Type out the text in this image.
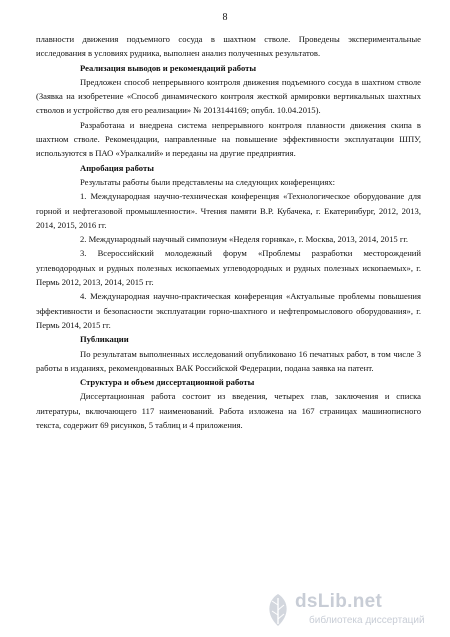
8

плавности движения подъемного сосуда в шахтном стволе. Проведены экспериментальные исследования в условиях рудника, выполнен анализ полученных результатов.

Реализация выводов и рекомендаций работы

Предложен способ непрерывного контроля движения подъемного сосуда в шахтном стволе (Заявка на изобретение «Способ динамического контроля жесткой армировки вертикальных шахтных стволов и устройство для его реализации» № 2013144169; опубл. 10.04.2015).

Разработана и внедрена система непрерывного контроля плавности движения скипа в шахтном стволе. Рекомендации, направленные на повышение эффективности эксплуатации ШПУ, используются в ПАО «Уралкалий» и переданы на другие предприятия.

Апробация работы

Результаты работы были представлены на следующих конференциях:

1. Международная научно-техническая конференция «Технологическое оборудование для горной и нефтегазовой промышленности». Чтения памяти В.Р. Кубачека, г. Екатеринбург, 2012, 2013, 2014, 2015, 2016 гг.

2. Международный научный симпозиум «Неделя горняка», г. Москва, 2013, 2014, 2015 гг.

3. Всероссийский молодежный форум «Проблемы разработки месторождений углеводородных и рудных полезных ископаемых углеводородных и рудных полезных ископаемых», г. Пермь 2012, 2013, 2014, 2015 гг.

4. Международная научно-практическая конференция «Актуальные проблемы повышения эффективности и безопасности эксплуатации горно-шахтного и нефтепромыслового оборудования», г. Пермь 2014, 2015 гг.

Публикации

По результатам выполненных исследований опубликовано 16 печатных работ, в том числе 3 работы в изданиях, рекомендованных ВАК Российской Федерации, подана заявка на патент.

Структура и объем диссертационной работы

Диссертационная работа состоит из введения, четырех глав, заключения и списка литературы, включающего 117 наименований. Работа изложена на 167 страницах машинописного текста, содержит 69 рисунков, 5 таблиц и 4 приложения.

dsLib.net
библиотека диссертаций
